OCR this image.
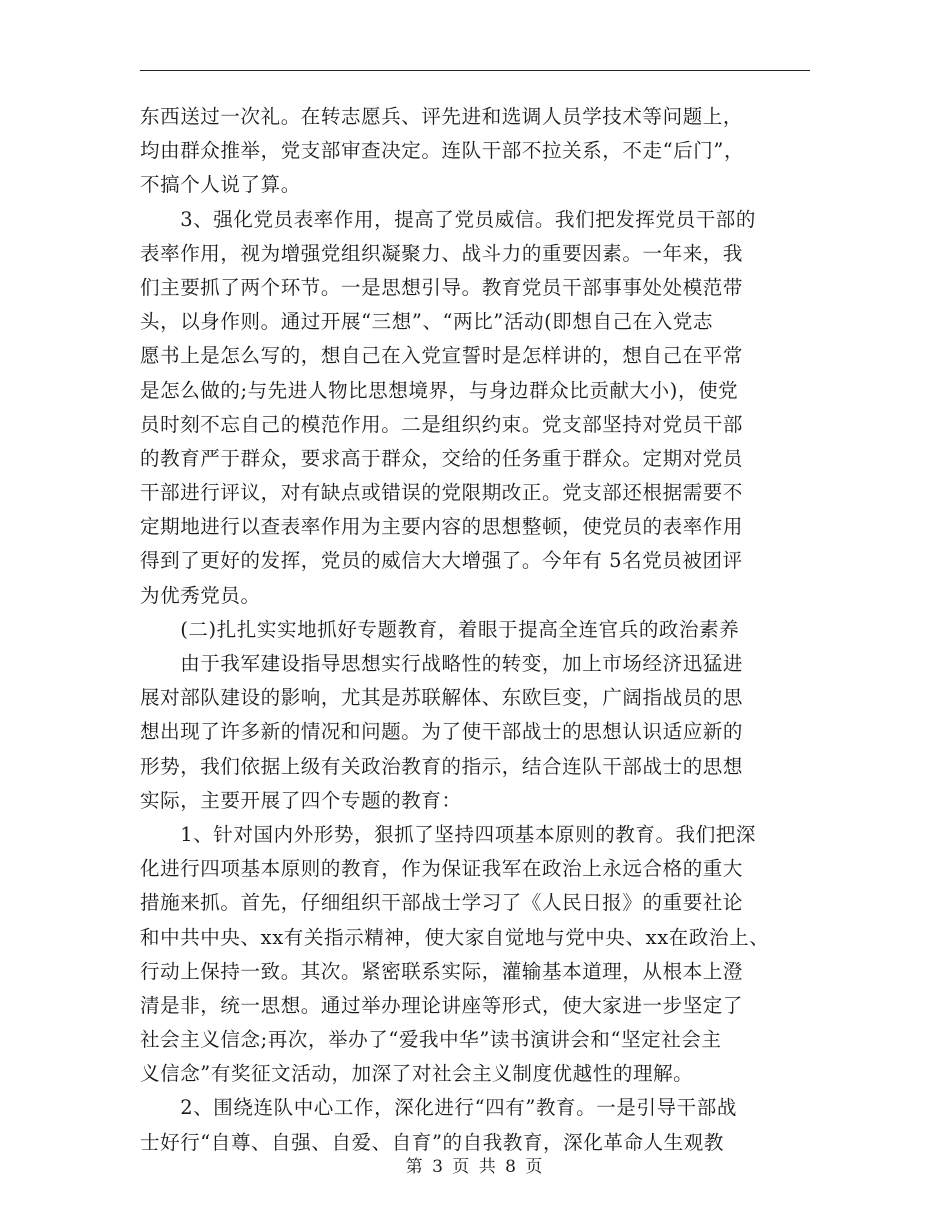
东西送过一次礼。在转志愿兵、评先进和选调人员学技术等问题上，
均由群众推举，党支部审查决定。连队干部不拉关系，不走“后门”，
不搞个人说了算。
　　3、强化党员表率作用，提高了党员威信。我们把发挥党员干部的
表率作用，视为增强党组织凝聚力、战斗力的重要因素。一年来，我
们主要抓了两个环节。一是思想引导。教育党员干部事事处处模范带
头，以身作则。通过开展“三想”、“两比”活动(即想自己在入党志
愿书上是怎么写的，想自己在入党宣誓时是怎样讲的，想自己在平常
是怎么做的;与先进人物比思想境界，与身边群众比贡献大小)，使党
员时刻不忘自己的模范作用。二是组织约束。党支部坚持对党员干部
的教育严于群众，要求高于群众，交给的任务重于群众。定期对党员
干部进行评议，对有缺点或错误的党限期改正。党支部还根据需要不
定期地进行以查表率作用为主要内容的思想整顿，使党员的表率作用
得到了更好的发挥，党员的威信大大增强了。今年有 5名党员被团评
为优秀党员。
　　(二)扎扎实实地抓好专题教育，着眼于提高全连官兵的政治素养
　　由于我军建设指导思想实行战略性的转变，加上市场经济迅猛进
展对部队建设的影响，尤其是苏联解体、东欧巨变，广阔指战员的思
想出现了许多新的情况和问题。为了使干部战士的思想认识适应新的
形势，我们依据上级有关政治教育的指示，结合连队干部战士的思想
实际，主要开展了四个专题的教育：
　　1、针对国内外形势，狠抓了坚持四项基本原则的教育。我们把深
化进行四项基本原则的教育，作为保证我军在政治上永远合格的重大
措施来抓。首先，仔细组织干部战士学习了《人民日报》的重要社论
和中共中央、xx有关指示精神，使大家自觉地与党中央、xx在政治上、
行动上保持一致。其次。紧密联系实际，灌输基本道理，从根本上澄
清是非，统一思想。通过举办理论讲座等形式，使大家进一步坚定了
社会主义信念;再次，举办了“爱我中华”读书演讲会和“坚定社会主
义信念”有奖征文活动，加深了对社会主义制度优越性的理解。
　　2、围绕连队中心工作，深化进行“四有”教育。一是引导干部战
士好行“自尊、自强、自爱、自育”的自我教育，深化革命人生观教
第 3 页 共 8 页
